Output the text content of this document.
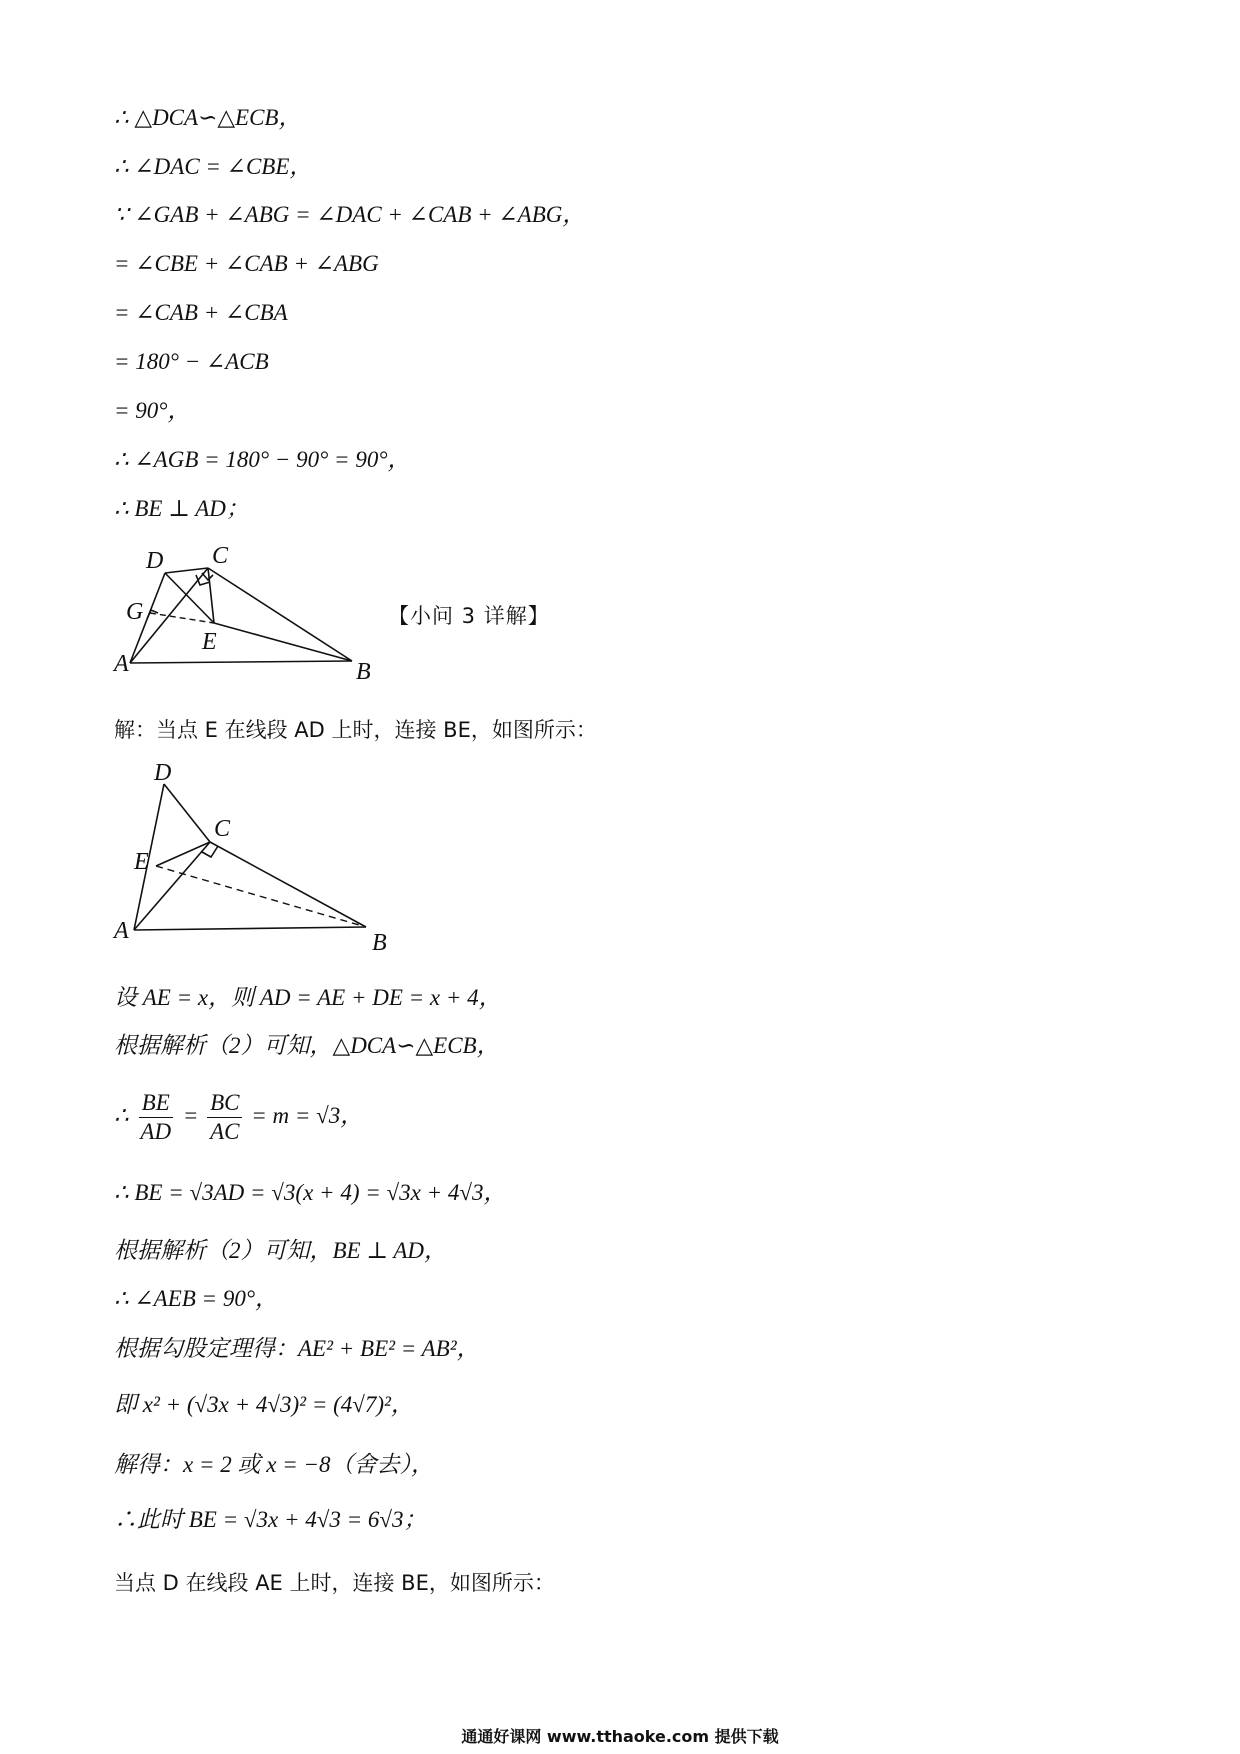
∴ △DCA∽△ECB，
∴ ∠DAC = ∠CBE，
∵ ∠GAB + ∠ABG = ∠DAC + ∠CAB + ∠ABG，
= ∠CBE + ∠CAB + ∠ABG
= ∠CAB + ∠CBA
= 180° − ∠ACB
= 90°，
∴ ∠AGB = 180° − 90° = 90°，
∴ BE ⊥ AD；
A	B
C
D
E
G	【小问 3 详解】
解：当点 E 在线段 AD 上时，连接 BE，如图所示：
A	B
C
D
E
设 AE = x，则 AD = AE + DE = x + 4，
根据解析（2）可知，△DCA∽△ECB，
∴ $\frac{BE}{AD} = \frac{BC}{AC} = m = √3$，
∴ BE = √3AD = √3(x + 4) = √3x + 4√3，
根据解析（2）可知，BE ⊥ AD，
∴ ∠AEB = 90°，
根据勾股定理得：AE² + BE² = AB²，
即 x² + (√3x + 4√3)² = (4√7)²，
解得：x = 2 或 x = −8（舍去），
∴此时 BE = √3x + 4√3 = 6√3；
当点 D 在线段 AE 上时，连接 BE，如图所示：
通通好课网 www.tthaoke.com 提供下载
